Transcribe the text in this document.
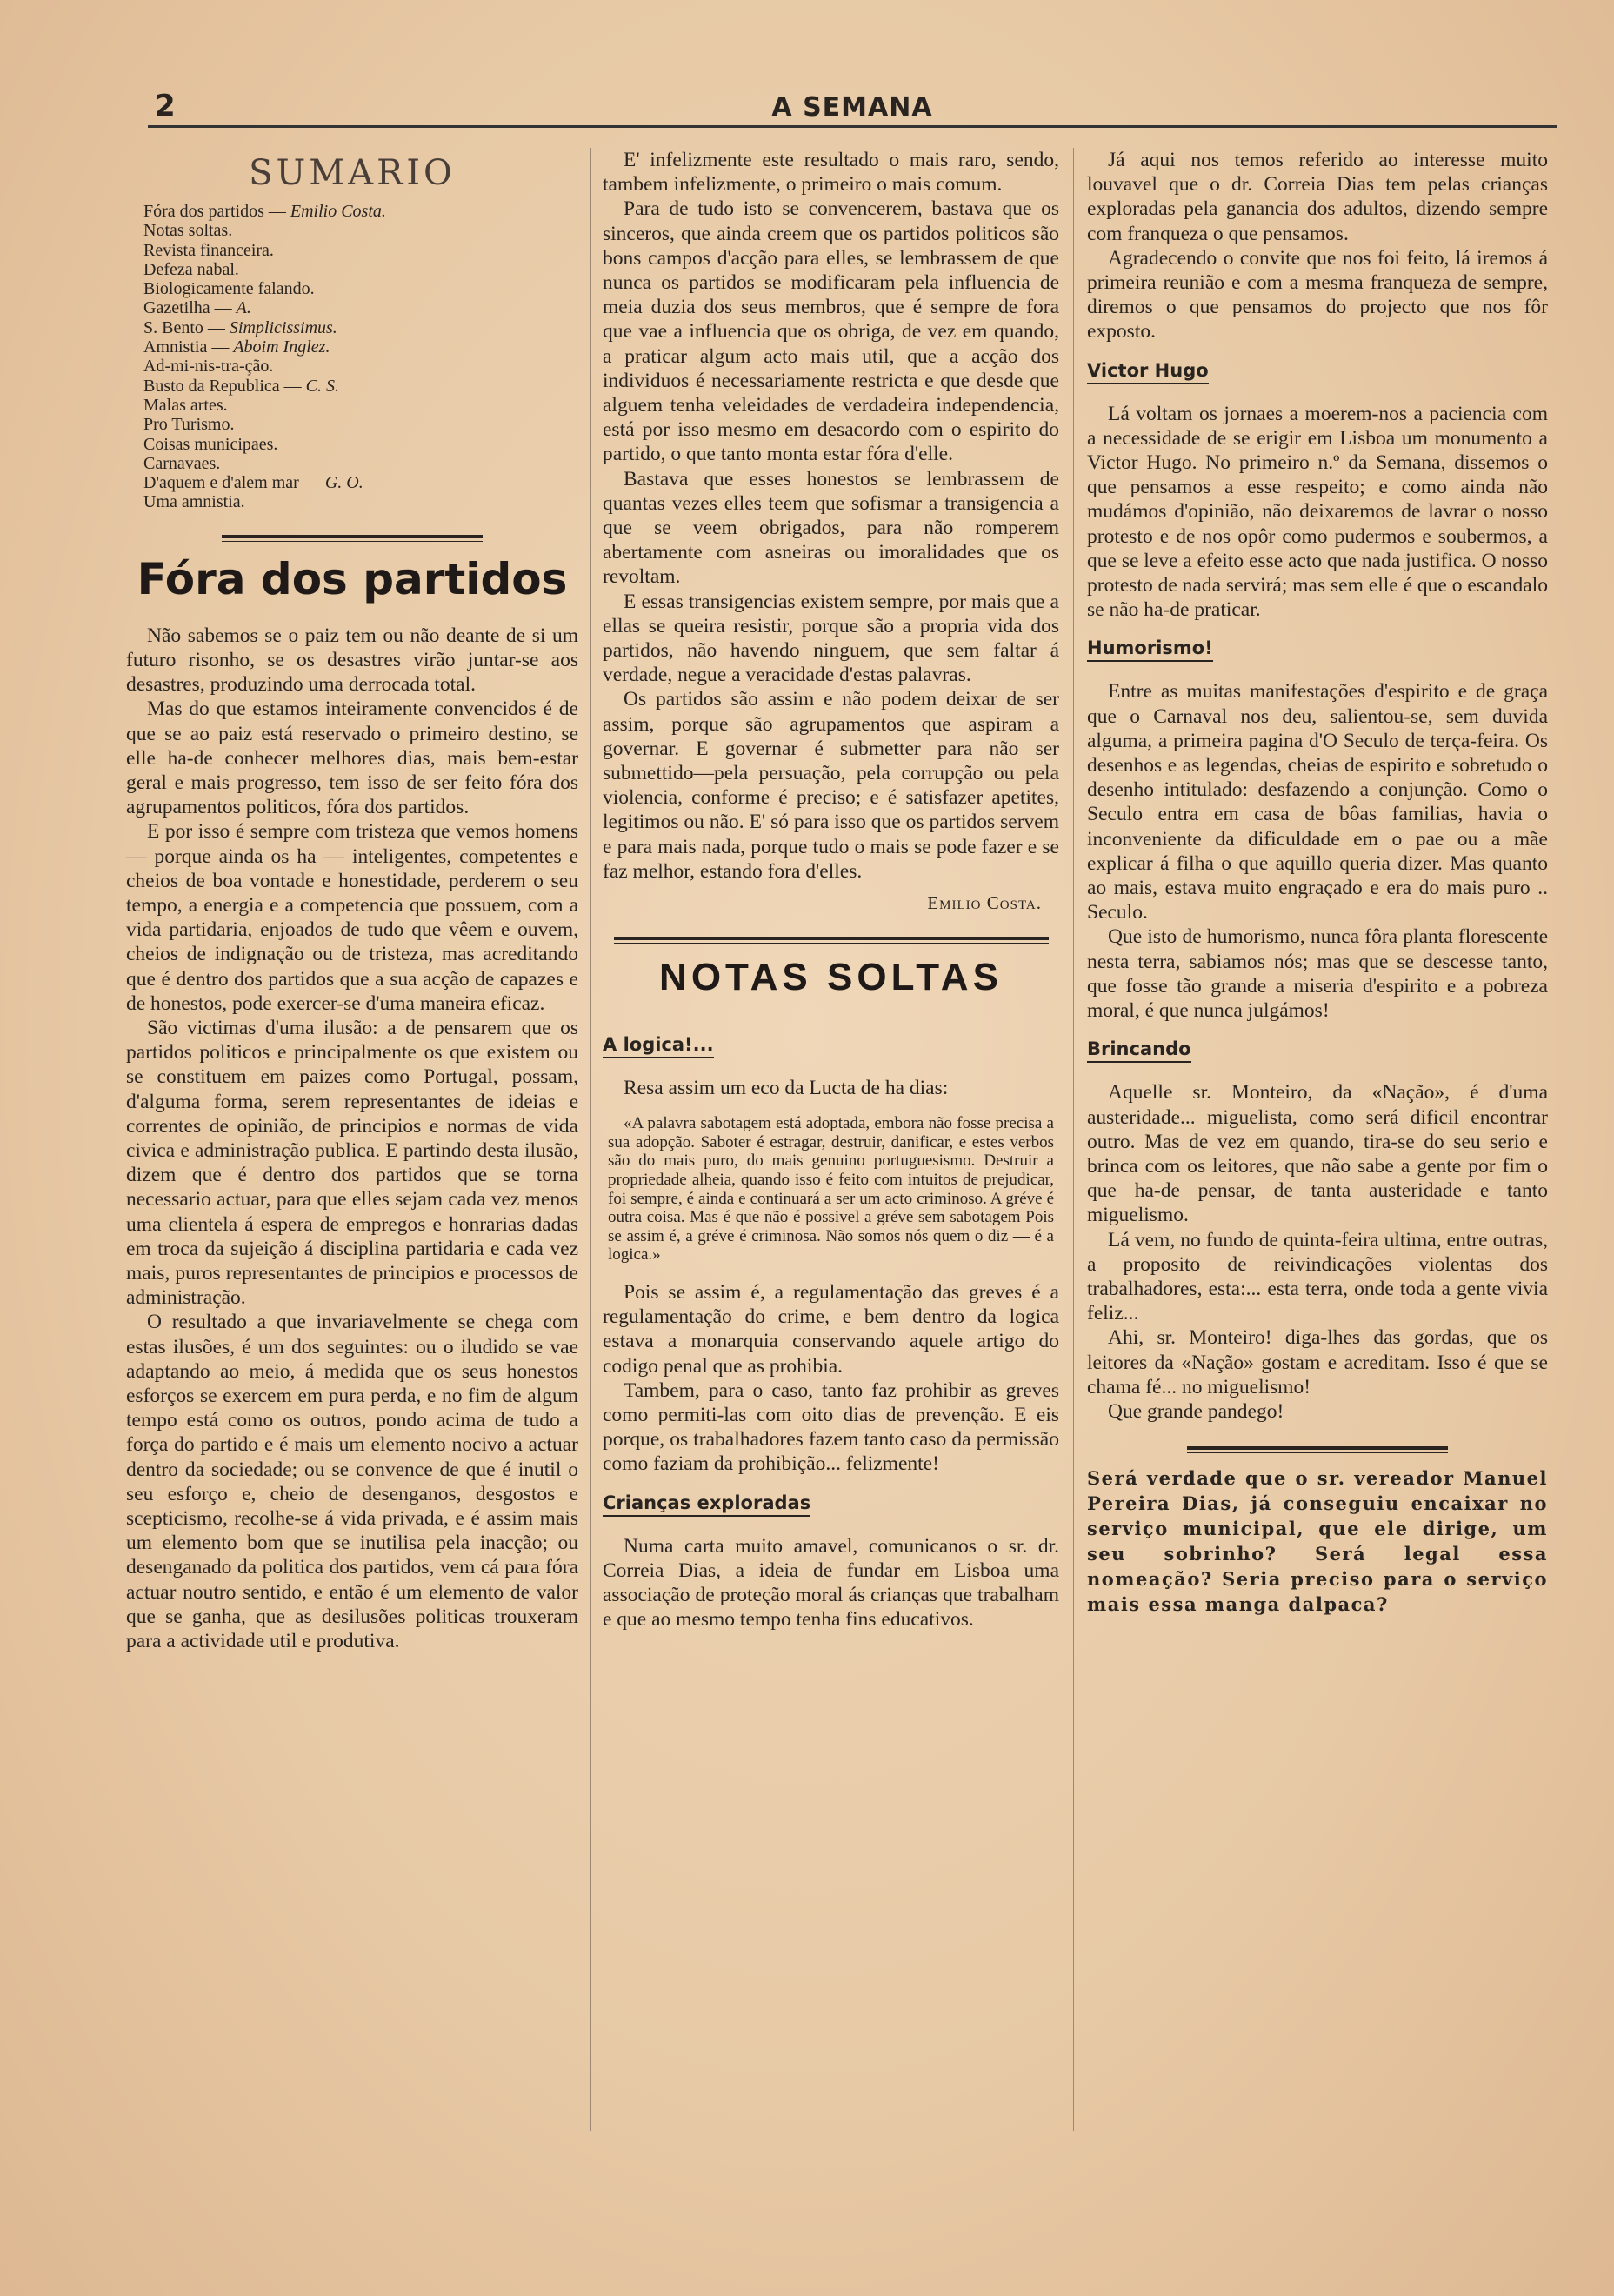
2	A SEMANA
SUMARIO
Fóra dos partidos — Emilio Costa.
Notas soltas.
Revista financeira.
Defeza nabal.
Biologicamente falando.
Gazetilha — A.
S. Bento — Simplicissimus.
Amnistia — Aboim Inglez.
Ad-mi-nis-tra-ção.
Busto da Republica — C. S.
Malas artes.
Pro Turismo.
Coisas municipaes.
Carnavaes.
D'aquem e d'alem mar — G. O.
Uma amnistia.
Fóra dos partidos

Não sabemos se o paiz tem ou não deante de si um futuro risonho, se os desastres virão juntar-se aos desastres, produzindo uma derrocada total.

Mas do que estamos inteiramente convencidos é de que se ao paiz está reservado o primeiro destino, se elle ha-de conhecer melhores dias, mais bem-estar geral e mais progresso, tem isso de ser feito fóra dos agrupamentos politicos, fóra dos partidos.

E por isso é sempre com tristeza que vemos homens — porque ainda os ha — inteligentes, competentes e cheios de boa vontade e honestidade, perderem o seu tempo, a energia e a competencia que possuem, com a vida partidaria, enjoados de tudo que vêem e ouvem, cheios de indignação ou de tristeza, mas acreditando que é dentro dos partidos que a sua acção de capazes e de honestos, pode exercer-se d'uma maneira eficaz.

São victimas d'uma ilusão: a de pensarem que os partidos politicos e principalmente os que existem ou se constituem em paizes como Portugal, possam, d'alguma forma, serem representantes de ideias e correntes de opinião, de principios e normas de vida civica e administração publica. E partindo desta ilusão, dizem que é dentro dos partidos que se torna necessario actuar, para que elles sejam cada vez menos uma clientela á espera de empregos e honrarias dadas em troca da sujeição á disciplina partidaria e cada vez mais, puros representantes de principios e processos de administração.

O resultado a que invariavelmente se chega com estas ilusões, é um dos seguintes: ou o iludido se vae adaptando ao meio, á medida que os seus honestos esforços se exercem em pura perda, e no fim de algum tempo está como os outros, pondo acima de tudo a força do partido e é mais um elemento nocivo a actuar dentro da sociedade; ou se convence de que é inutil o seu esforço e, cheio de desenganos, desgostos e scepticismo, recolhe-se á vida privada, e é assim mais um elemento bom que se inutilisa pela inacção; ou desenganado da politica dos partidos, vem cá para fóra actuar noutro sentido, e então é um elemento de valor que se ganha, que as desilusões politicas trouxeram para a actividade util e produtiva.

E' infelizmente este resultado o mais raro, sendo, tambem infelizmente, o primeiro o mais comum.

Para de tudo isto se convencerem, bastava que os sinceros, que ainda creem que os partidos politicos são bons campos d'acção para elles, se lembrassem de que nunca os partidos se modificaram pela influencia de meia duzia dos seus membros, que é sempre de fora que vae a influencia que os obriga, de vez em quando, a praticar algum acto mais util, que a acção dos individuos é necessariamente restricta e que desde que alguem tenha veleidades de verdadeira independencia, está por isso mesmo em desacordo com o espirito do partido, o que tanto monta estar fóra d'elle.

Bastava que esses honestos se lembrassem de quantas vezes elles teem que sofismar a transigencia a que se veem obrigados, para não romperem abertamente com asneiras ou imoralidades que os revoltam.

E essas transigencias existem sempre, por mais que a ellas se queira resistir, porque são a propria vida dos partidos, não havendo ninguem, que sem faltar á verdade, negue a veracidade d'estas palavras.

Os partidos são assim e não podem deixar de ser assim, porque são agrupamentos que aspiram a governar. E governar é submetter para não ser submettido—pela persuação, pela corrupção ou pela violencia, conforme é preciso; e é satisfazer apetites, legitimos ou não. E' só para isso que os partidos servem e para mais nada, porque tudo o mais se pode fazer e se faz melhor, estando fora d'elles.

Emilio Costa.
NOTAS SOLTAS
A logica!...

Resa assim um eco da Lucta de ha dias:

«A palavra sabotagem está adoptada, embora não fosse precisa a sua adopção. Saboter é estragar, destruir, danificar, e estes verbos são do mais puro, do mais genuino portuguesismo. Destruir a propriedade alheia, quando isso é feito com intuitos de prejudicar, foi sempre, é ainda e continuará a ser um acto criminoso. A gréve é outra coisa. Mas é que não é possivel a gréve sem sabotagem Pois se assim é, a gréve é criminosa. Não somos nós quem o diz — é a logica.»

Pois se assim é, a regulamentação das greves é a regulamentação do crime, e bem dentro da logica estava a monarquia conservando aquele artigo do codigo penal que as prohibia.

Tambem, para o caso, tanto faz prohibir as greves como permiti-las com oito dias de prevenção. E eis porque, os trabalhadores fazem tanto caso da permissão como faziam da prohibição... felizmente!

Crianças exploradas

Numa carta muito amavel, comunicanos o sr. dr. Correia Dias, a ideia de fundar em Lisboa uma associação de proteção moral ás crianças que trabalham e que ao mesmo tempo tenha fins educativos.

Já aqui nos temos referido ao interesse muito louvavel que o dr. Correia Dias tem pelas crianças exploradas pela ganancia dos adultos, dizendo sempre com franqueza o que pensamos.

Agradecendo o convite que nos foi feito, lá iremos á primeira reunião e com a mesma franqueza de sempre, diremos o que pensamos do projecto que nos fôr exposto.

Victor Hugo

Lá voltam os jornaes a moerem-nos a paciencia com a necessidade de se erigir em Lisboa um monumento a Victor Hugo. No primeiro n.º da Semana, dissemos o que pensamos a esse respeito; e como ainda não mudámos d'opinião, não deixaremos de lavrar o nosso protesto e de nos opôr como pudermos e soubermos, a que se leve a efeito esse acto que nada justifica. O nosso protesto de nada servirá; mas sem elle é que o escandalo se não ha-de praticar.

Humorismo!

Entre as muitas manifestações d'espirito e de graça que o Carnaval nos deu, salientou-se, sem duvida alguma, a primeira pagina d'O Seculo de terça-feira. Os desenhos e as legendas, cheias de espirito e sobretudo o desenho intitulado: desfazendo a conjunção. Como o Seculo entra em casa de bôas familias, havia o inconveniente da dificuldade em o pae ou a mãe explicar á filha o que aquillo queria dizer. Mas quanto ao mais, estava muito engraçado e era do mais puro .. Seculo.

Que isto de humorismo, nunca fôra planta florescente nesta terra, sabiamos nós; mas que se descesse tanto, que fosse tão grande a miseria d'espirito e a pobreza moral, é que nunca julgámos!

Brincando

Aquelle sr. Monteiro, da «Nação», é d'uma austeridade... miguelista, como será dificil encontrar outro. Mas de vez em quando, tira-se do seu serio e brinca com os leitores, que não sabe a gente por fim o que ha-de pensar, de tanta austeridade e tanto miguelismo.

Lá vem, no fundo de quinta-feira ultima, entre outras, a proposito de reivindicações violentas dos trabalhadores, esta:... esta terra, onde toda a gente vivia feliz...

Ahi, sr. Monteiro! diga-lhes das gordas, que os leitores da «Nação» gostam e acreditam. Isso é que se chama fé... no miguelismo!

Que grande pandego!

Será verdade que o sr. vereador Manuel Pereira Dias, já conseguiu encaixar no serviço municipal, que ele dirige, um seu sobrinho? Será legal essa nomeação? Seria preciso para o serviço mais essa manga dalpaca?
